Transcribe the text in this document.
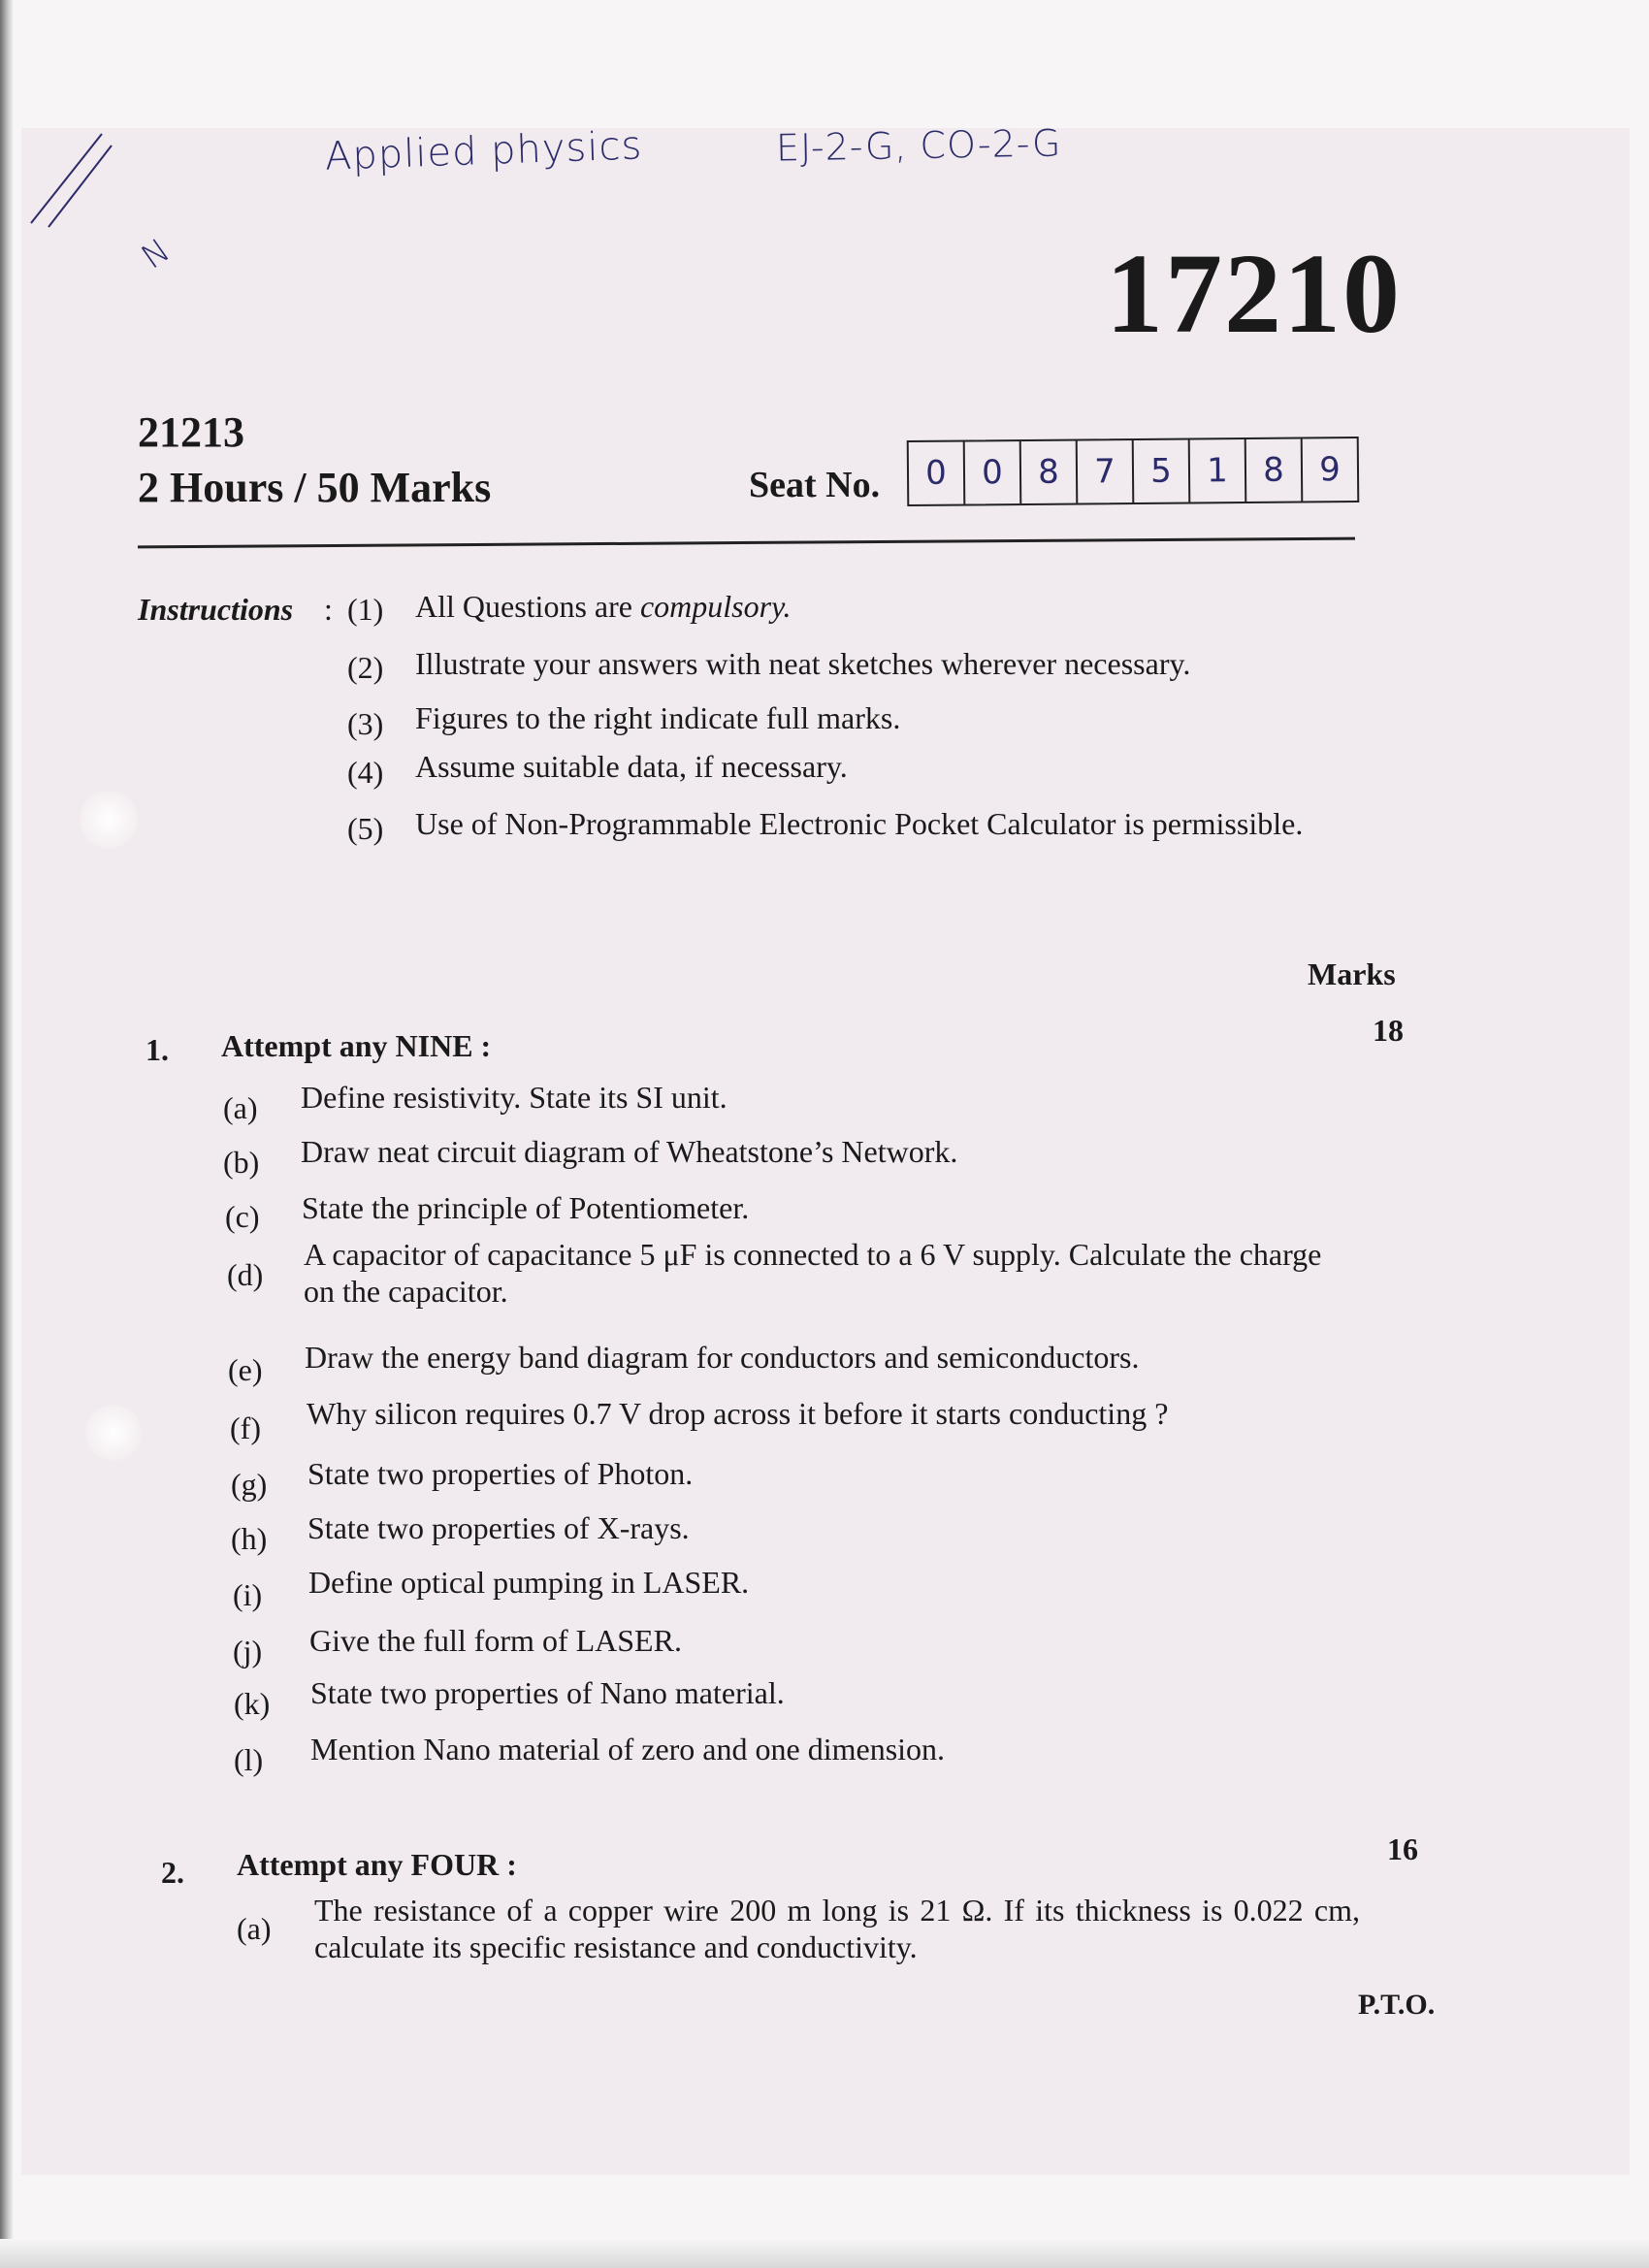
Applied physics	EJ-2-G, CO-2-G
N	17210
21213
2 Hours / 50 Marks	Seat No.	0	0	8	7	5	1	8	9
Instructions : (1) All Questions are compulsory.
(2) Illustrate your answers with neat sketches wherever necessary.
(3) Figures to the right indicate full marks.
(4) Assume suitable data, if necessary.
(5) Use of Non-Programmable Electronic Pocket Calculator is permissible.
Marks
1. Attempt any NINE :	18
(a) Define resistivity. State its SI unit.
(b) Draw neat circuit diagram of Wheatstone’s Network.
(c) State the principle of Potentiometer.
(d)
A capacitor of capacitance 5 μF is connected to a 6 V supply. Calculate the charge on the capacitor.
(e) Draw the energy band diagram for conductors and semiconductors.
(f) Why silicon requires 0.7 V drop across it before it starts conducting ?
(g) State two properties of Photon.
(h) State two properties of X-rays.
(i) Define optical pumping in LASER.
(j) Give the full form of LASER.
(k) State two properties of Nano material.
(l) Mention Nano material of zero and one dimension.
2. Attempt any FOUR :	16
(a)
The resistance of a copper wire 200 m long is 21 Ω. If its thickness is 0.022 cm, calculate its specific resistance and conductivity.
P.T.O.
